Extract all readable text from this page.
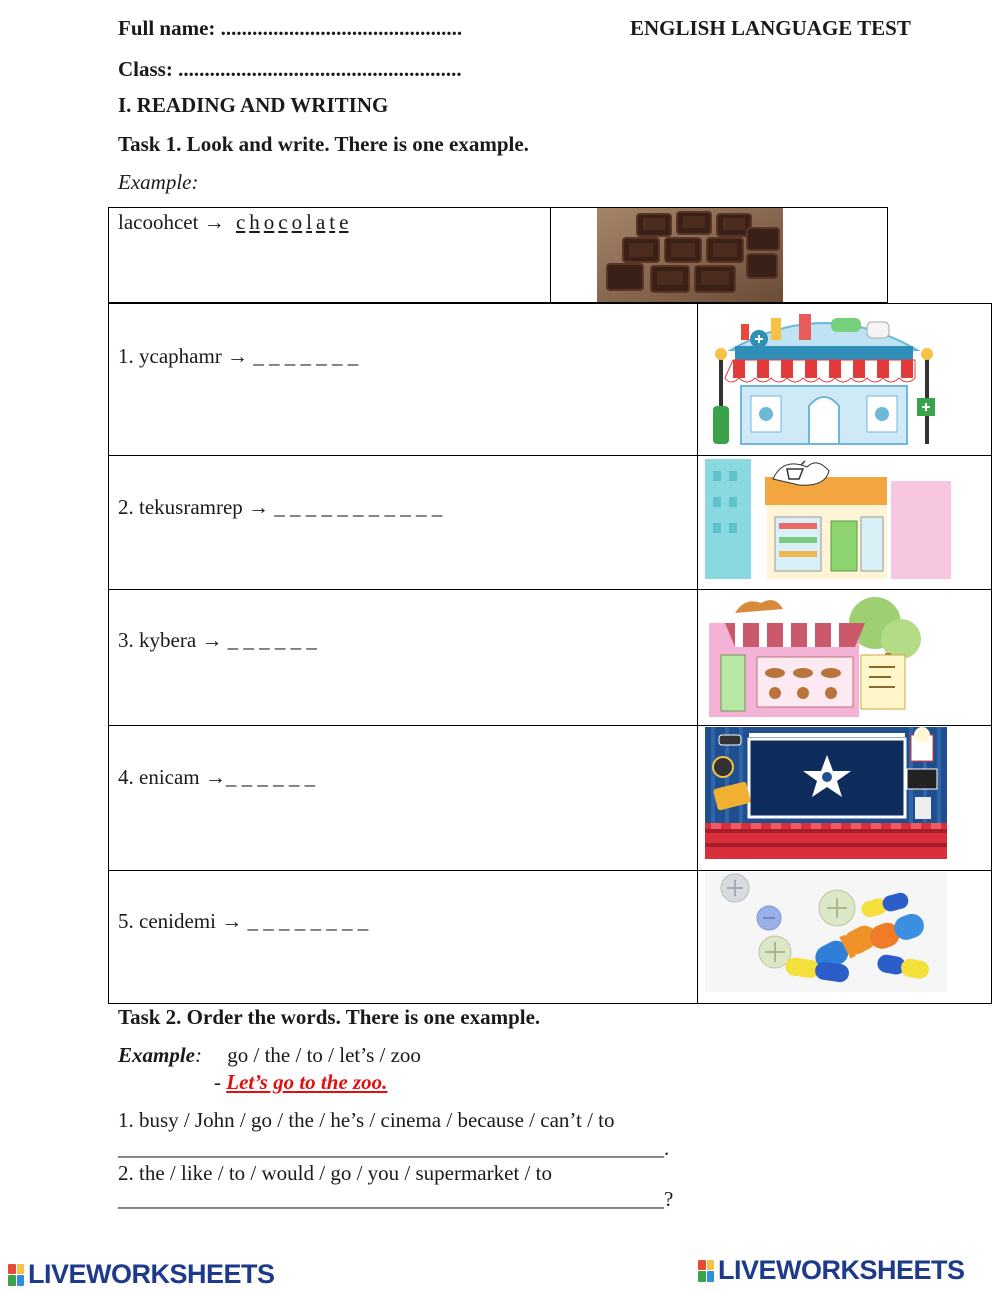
Full name: ..............................................	ENGLISH LANGUAGE TEST
Class: ......................................................
I. READING AND WRITING
Task 1. Look and write. There is one example.
Example:
lacoohcet → c h o c o l a t e
1. ycaphamr → _ _ _ _ _ _ _
2. tekusramrep → _ _ _ _ _ _ _ _ _ _ _
3. kybera → _ _ _ _ _ _
4. enicam →_ _ _ _ _ _
5. cenidemi → _ _ _ _ _ _ _ _
Task 2. Order the words. There is one example.
Example: go / the / to / let’s / zoo
- Let’s go to the zoo.
1. busy / John / go / the / he’s / cinema / because / can’t / to
____________________________________________________.
2. the / like / to / would / go / you / supermarket / to
____________________________________________________?
LIVEWORKSHEETS	LIVEWORKSHEETS
